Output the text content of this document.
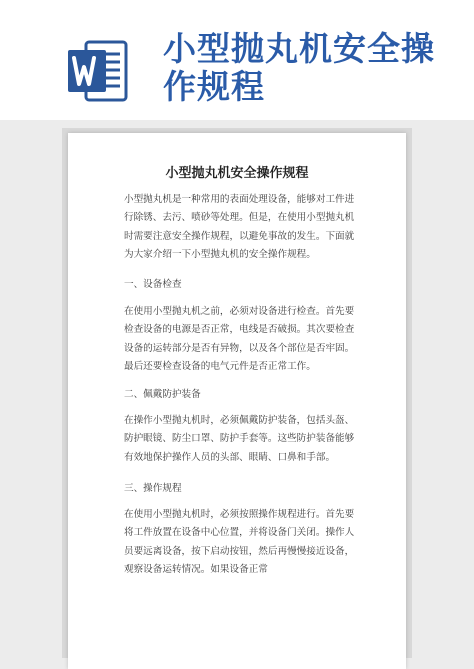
小型抛丸机安全操作规程
小型抛丸机安全操作规程
小型抛丸机是一种常用的表面处理设备，能够对工件进行除锈、去污、喷砂等处理。但是，在使用小型抛丸机时需要注意安全操作规程，以避免事故的发生。下面就为大家介绍一下小型抛丸机的安全操作规程。
一、设备检查
在使用小型抛丸机之前，必须对设备进行检查。首先要检查设备的电源是否正常，电线是否破损。其次要检查设备的运转部分是否有异物，以及各个部位是否牢固。最后还要检查设备的电气元件是否正常工作。
二、佩戴防护装备
在操作小型抛丸机时，必须佩戴防护装备，包括头盔、防护眼镜、防尘口罩、防护手套等。这些防护装备能够有效地保护操作人员的头部、眼睛、口鼻和手部。
三、操作规程
在使用小型抛丸机时，必须按照操作规程进行。首先要将工件放置在设备中心位置，并将设备门关闭。操作人员要远离设备，按下启动按钮，然后再慢慢接近设备，观察设备运转情况。如果设备正常
